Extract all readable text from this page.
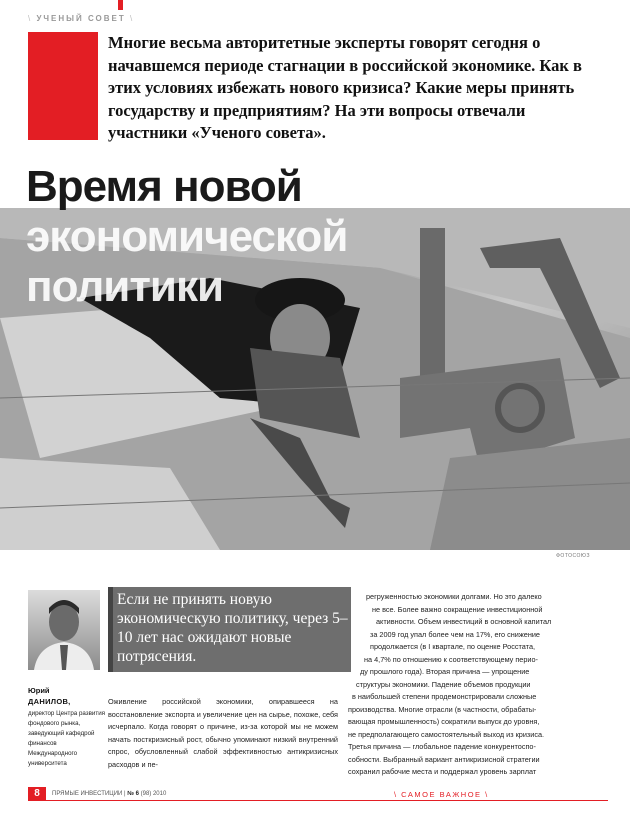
\ УЧЕНЫЙ СОВЕТ \
Многие весьма авторитетные эксперты говорят сегодня о начавшемся периоде стагнации в российской экономике. Как в этих условиях избежать нового кризиса? Какие меры принять государству и предприятиям? На эти вопросы отвечали участники «Ученого совета».
Время новой
экономической
политики
ФОТОСОЮЗ
Юрий
ДАНИЛОВ,
директор Центра развития фондового рынка, заведующий кафедрой финансов Международного университета
Если не принять новую экономическую политику, через 5–10 лет нас ожидают новые потрясения.
Оживление российской экономики, опиравшееся на восстановление экспорта и увеличение цен на сырье, похоже, себя исчерпало. Когда говорят о причине, из-за которой мы не можем начать посткризисный рост, обычно упоминают низкий внутренний спрос, обусловленный слабой эффективностью антикризисных расходов и пе-
регруженностью экономики долгами. Но это далеко
не все. Более важно сокращение инвестиционной
активности. Объем инвестиций в основной капитал
за 2009 год упал более чем на 17%, его снижение
продолжается (в I квартале, по оценке Росстата,
на 4,7% по отношению к соответствующему перио-
ду прошлого года). Вторая причина — упрощение
структуры экономики. Падение объемов продукции
в наибольшей степени продемонстрировали сложные
производства. Многие отрасли (в частности, обрабаты-
вающая промышленность) сократили выпуск до уровня,
не предполагающего самостоятельный выход из кризиса.
Третья причина — глобальное падение конкурентоспо-
собности. Выбранный вариант антикризисной стратегии
сохранил рабочие места и поддержал уровень зарплат
8	ПРЯМЫЕ ИНВЕСТИЦИИ | № 6 (98) 2010	\ САМОЕ ВАЖНОЕ \
